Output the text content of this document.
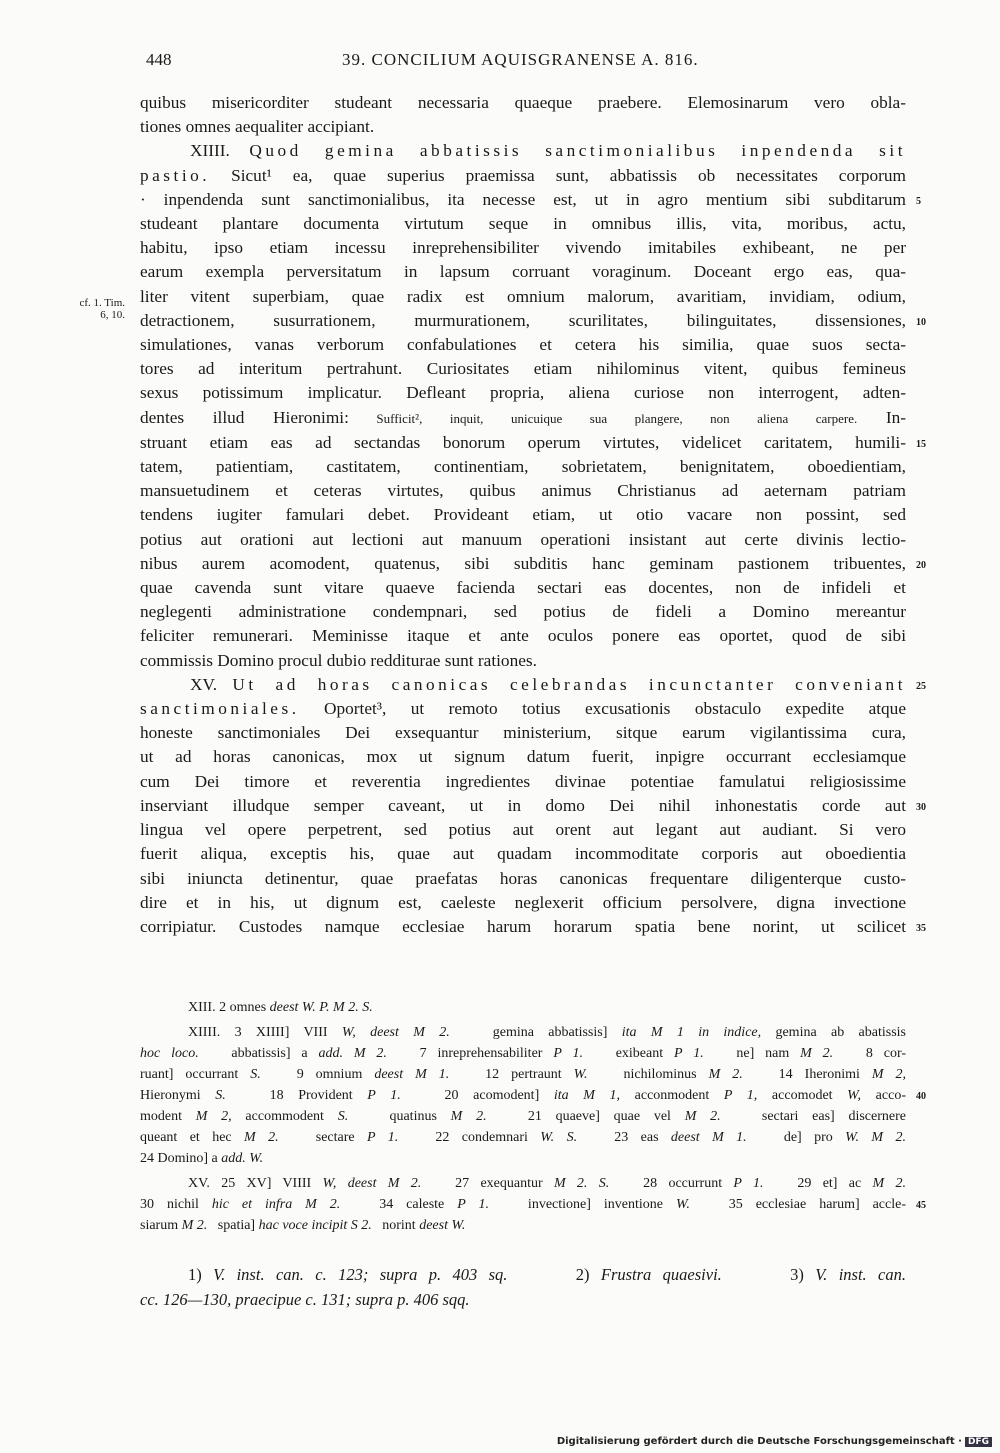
448	39. CONCILIUM AQUISGRANENSE A. 816.
cf. 1. Tim.
6, 10.
quibus misericorditer studeant necessaria quaeque praebere. Elemosinarum vero obla-
tiones omnes aequaliter accipiant.
XIIII. Quod gemina abbatissis sanctimonialibus inpendenda sit
pastio. Sicut¹ ea, quae superius praemissa sunt, abbatissis ob necessitates corporum
· inpendenda sunt sanctimonialibus, ita necesse est, ut in agro mentium sibi subditarum 5
studeant plantare documenta virtutum seque in omnibus illis, vita, moribus, actu,
habitu, ipso etiam incessu inreprehensibiliter vivendo imitabiles exhibeant, ne per
earum exempla perversitatum in lapsum corruant voraginum. Doceant ergo eas, qua-
liter vitent superbiam, quae radix est omnium malorum, avaritiam, invidiam, odium,
detractionem, susurrationem, murmurationem, scurilitates, bilinguitates, dissensiones, 10
simulationes, vanas verborum confabulationes et cetera his similia, quae suos secta-
tores ad interitum pertrahunt. Curiositates etiam nihilominus vitent, quibus femineus
sexus potissimum implicatur. Defleant propria, aliena curiose non interrogent, adten-
dentes illud Hieronimi: Sufficit², inquit, unicuique sua plangere, non aliena carpere. In-
struant etiam eas ad sectandas bonorum operum virtutes, videlicet caritatem, humili- 15
tatem, patientiam, castitatem, continentiam, sobrietatem, benignitatem, oboedientiam,
mansuetudinem et ceteras virtutes, quibus animus Christianus ad aeternam patriam
tendens iugiter famulari debet. Provideant etiam, ut otio vacare non possint, sed
potius aut orationi aut lectioni aut manuum operationi insistant aut certe divinis lectio-
nibus aurem acomodent, quatenus, sibi subditis hanc geminam pastionem tribuentes, 20
quae cavenda sunt vitare quaeve facienda sectari eas docentes, non de infideli et
neglegenti administratione condempnari, sed potius de fideli a Domino mereantur
feliciter remunerari. Meminisse itaque et ante oculos ponere eas oportet, quod de sibi
commissis Domino procul dubio redditurae sunt rationes.
XV. Ut ad horas canonicas celebrandas incunctanter conveniant 25
sanctimoniales. Oportet³, ut remoto totius excusationis obstaculo expedite atque
honeste sanctimoniales Dei exsequantur ministerium, sitque earum vigilantissima cura,
ut ad horas canonicas, mox ut signum datum fuerit, inpigre occurrant ecclesiamque
cum Dei timore et reverentia ingredientes divinae potentiae famulatui religiosissime
inserviant illudque semper caveant, ut in domo Dei nihil inhonestatis corde aut 30
lingua vel opere perpetrent, sed potius aut orent aut legant aut audiant. Si vero
fuerit aliqua, exceptis his, quae aut quadam incommoditate corporis aut oboedientia
sibi iniuncta detinentur, quae praefatas horas canonicas frequentare diligenterque custo-
dire et in his, ut dignum est, caeleste neglexerit officium persolvere, digna invectione
corripiatur. Custodes namque ecclesiae harum horarum spatia bene norint, ut scilicet 35
XIII. 2 omnes deest W. P. M 2. S.
XIIII. 3 XIIII] VIII W, deest M 2.   gemina abbatissis] ita M 1 in indice, gemina ab abatissis
hoc loco.   abbatissis] a add. M 2.   7 inreprehensabiliter P 1.   exibeant P 1.   ne] nam M 2.   8 cor-
ruant] occurrant S.   9 omnium deest M 1.   12 pertraunt W.   nichilominus M 2.   14 Iheronimi M 2,
Hieronymi S.   18 Provident P 1.   20 acomodent] ita M 1, acconmodent P 1, accomodet W, acco- 40
modent M 2, accommodent S.   quatinus M 2.   21 quaeve] quae vel M 2.   sectari eas] discernere
queant et hec M 2.   sectare P 1.   22 condemnari W. S.   23 eas deest M 1.   de] pro W. M 2.
24 Domino] a add. W.
XV. 25 XV] VIIII W, deest M 2.   27 exequantur M 2. S.   28 occurrunt P 1.   29 et] ac M 2.
30 nichil hic et infra M 2.   34 caleste P 1.   invectione] inventione W.   35 ecclesiae harum] accle- 45
siarum M 2.   spatia] hac voce incipit S 2.   norint deest W.
1) V. inst. can. c. 123; supra p. 403 sq.      2) Frustra quaesivi.      3) V. inst. can.
cc. 126—130, praecipue c. 131; supra p. 406 sqq.
Digitalisierung gefördert durch die Deutsche Forschungsgemeinschaft · DFG
